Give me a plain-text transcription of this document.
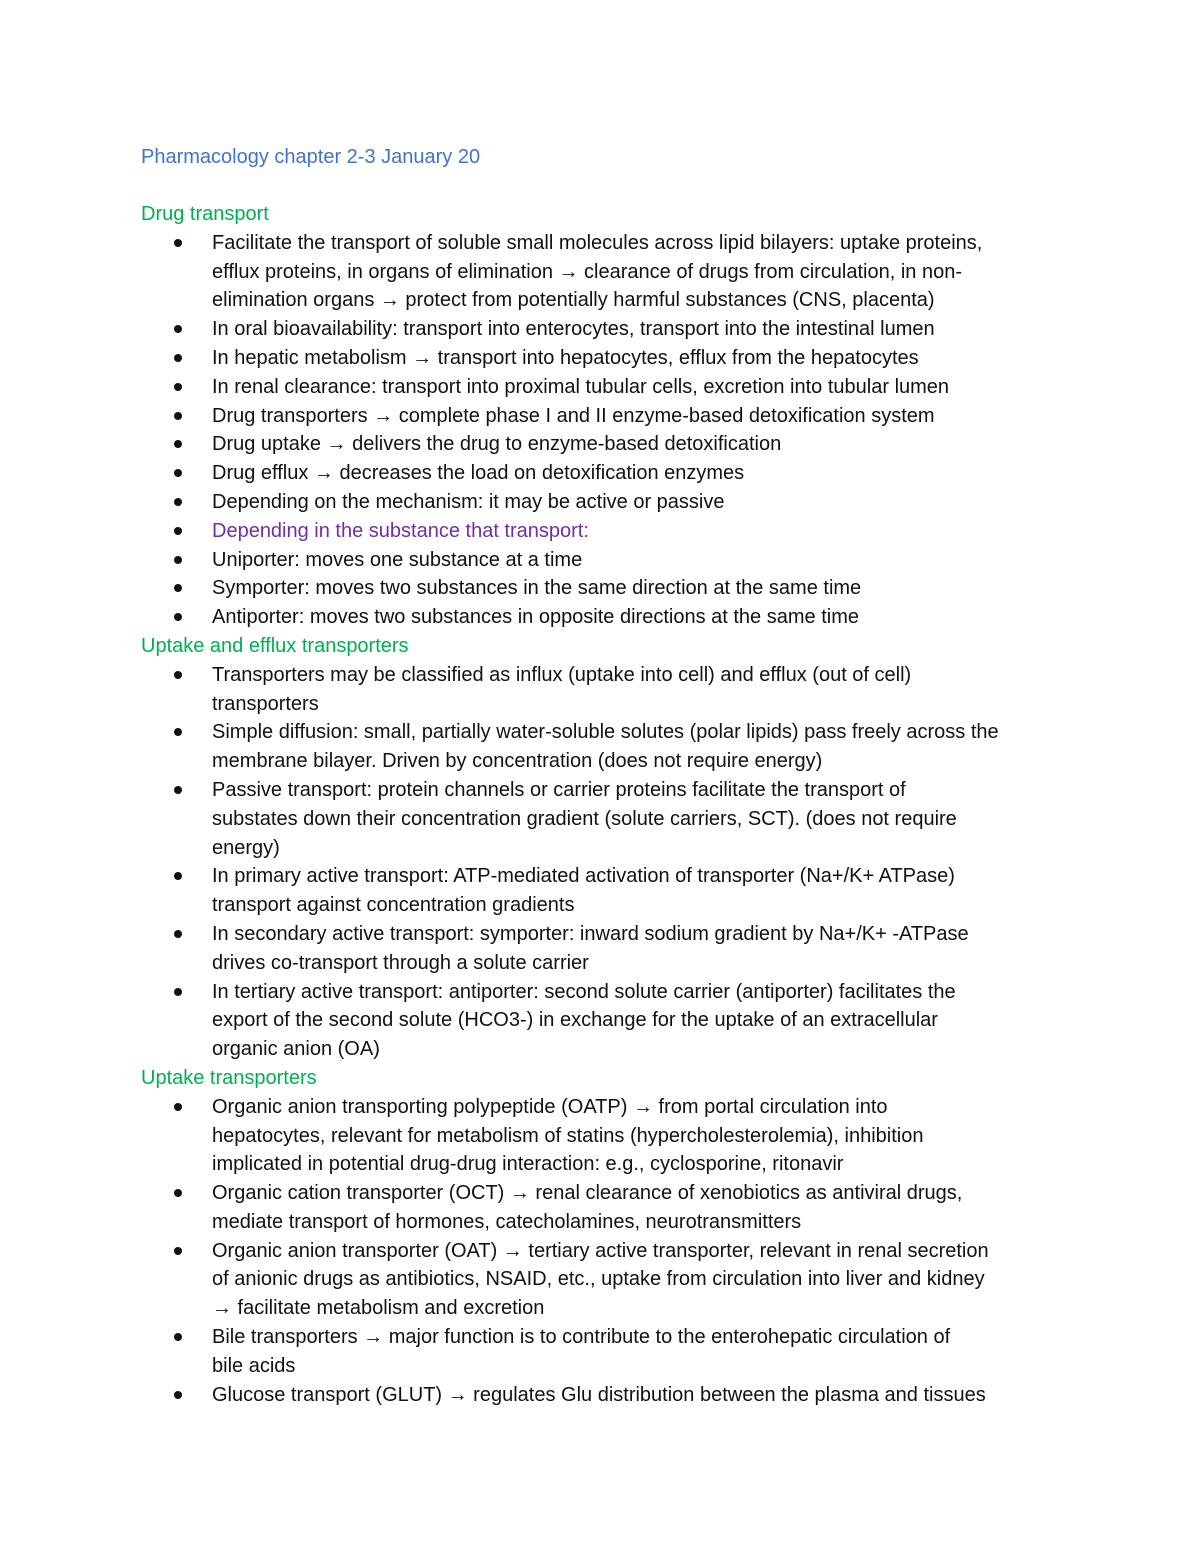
Pharmacology chapter 2-3 January 20
Drug transport
Facilitate the transport of soluble small molecules across lipid bilayers: uptake proteins,
efflux proteins, in organs of elimination → clearance of drugs from circulation, in non-
elimination organs → protect from potentially harmful substances (CNS, placenta)
In oral bioavailability: transport into enterocytes, transport into the intestinal lumen
In hepatic metabolism → transport into hepatocytes, efflux from the hepatocytes
In renal clearance: transport into proximal tubular cells, excretion into tubular lumen
Drug transporters → complete phase I and II enzyme-based detoxification system
Drug uptake → delivers the drug to enzyme-based detoxification
Drug efflux → decreases the load on detoxification enzymes
Depending on the mechanism: it may be active or passive
Depending in the substance that transport:
Uniporter: moves one substance at a time
Symporter: moves two substances in the same direction at the same time
Antiporter: moves two substances in opposite directions at the same time
Uptake and efflux transporters
Transporters may be classified as influx (uptake into cell) and efflux (out of cell)
transporters
Simple diffusion: small, partially water-soluble solutes (polar lipids) pass freely across the
membrane bilayer. Driven by concentration (does not require energy)
Passive transport: protein channels or carrier proteins facilitate the transport of
substates down their concentration gradient (solute carriers, SCT). (does not require
energy)
In primary active transport: ATP-mediated activation of transporter (Na+/K+ ATPase)
transport against concentration gradients
In secondary active transport: symporter: inward sodium gradient by Na+/K+ -ATPase
drives co-transport through a solute carrier
In tertiary active transport: antiporter: second solute carrier (antiporter) facilitates the
export of the second solute (HCO3-) in exchange for the uptake of an extracellular
organic anion (OA)
Uptake transporters
Organic anion transporting polypeptide (OATP) → from portal circulation into
hepatocytes, relevant for metabolism of statins (hypercholesterolemia), inhibition
implicated in potential drug-drug interaction: e.g., cyclosporine, ritonavir
Organic cation transporter (OCT) → renal clearance of xenobiotics as antiviral drugs,
mediate transport of hormones, catecholamines, neurotransmitters
Organic anion transporter (OAT) → tertiary active transporter, relevant in renal secretion
of anionic drugs as antibiotics, NSAID, etc., uptake from circulation into liver and kidney
→ facilitate metabolism and excretion
Bile transporters → major function is to contribute to the enterohepatic circulation of
bile acids
Glucose transport (GLUT) → regulates Glu distribution between the plasma and tissues
